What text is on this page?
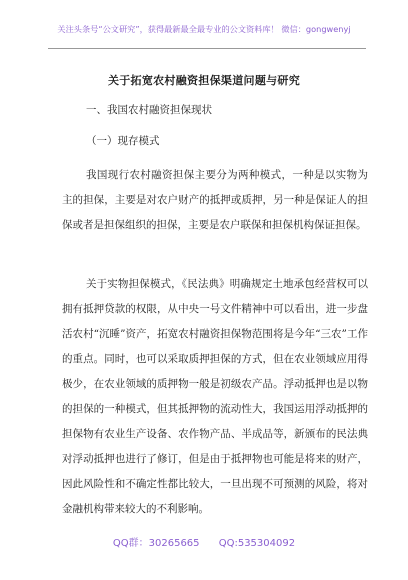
关注头条号“公文研究”，获得最新最全最专业的公文资料库！ 微信：gongwenyj
关于拓宽农村融资担保渠道问题与研究
一、我国农村融资担保现状
（一）现存模式

我国现行农村融资担保主要分为两种模式，一种是以实物为主的担保，主要是对农户财产的抵押或质押，另一种是保证人的担保或者是担保组织的担保，主要是农户联保和担保机构保证担保。

关于实物担保模式，《民法典》明确规定土地承包经营权可以拥有抵押贷款的权限，从中央一号文件精神中可以看出，进一步盘活农村“沉睡”资产，拓宽农村融资担保物范围将是今年“三农”工作的重点。同时，也可以采取质押担保的方式，但在农业领域应用得极少，在农业领域的质押物一般是初级农产品。浮动抵押也是以物的担保的一种模式，但其抵押物的流动性大，我国运用浮动抵押的担保物有农业生产设备、农作物产品、半成品等，新颁布的民法典对浮动抵押也进行了修订，但是由于抵押物也可能是将来的财产，因此风险性和不确定性都比较大，一旦出现不可预测的风险，将对金融机构带来较大的不利影响。

QQ群：30265665 QQ:535304092
